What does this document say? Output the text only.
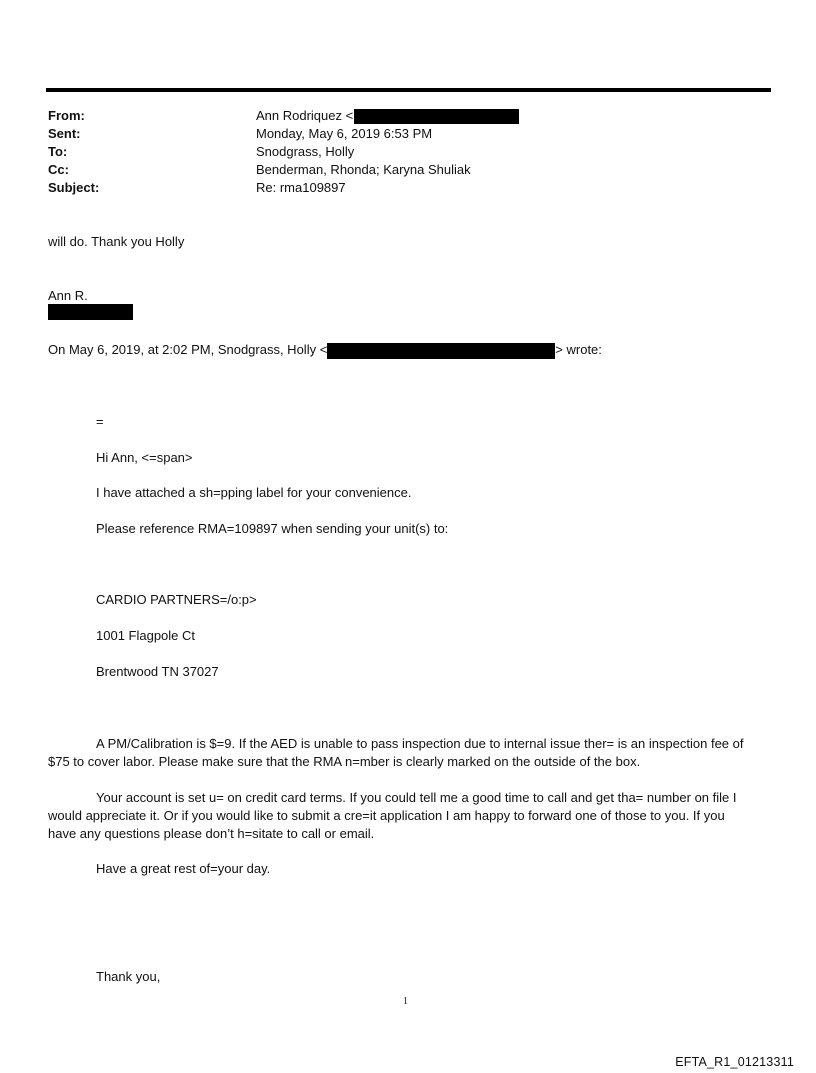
From:	Ann Rodriquez <
Sent:	Monday, May 6, 2019 6:53 PM
To:	Snodgrass, Holly
Cc:	Benderman, Rhonda; Karyna Shuliak
Subject:	Re: rma109897
will do. Thank you Holly
Ann R.
On May 6, 2019, at 2:02 PM, Snodgrass, Holly <	> wrote:
=
Hi Ann, <=span>
I have attached a sh=pping label for your convenience.
Please reference RMA=109897 when sending your unit(s) to:
CARDIO PARTNERS=/o:p>
1001 Flagpole Ct
Brentwood TN 37027
A PM/Calibration is $=9. If the AED is unable to pass inspection due to internal issue ther= is an inspection fee of
$75 to cover labor. Please make sure that the RMA n=mber is clearly marked on the outside of the box.
Your account is set u= on credit card terms. If you could tell me a good time to call and get tha= number on file I
would appreciate it. Or if you would like to submit a cre=it application I am happy to forward one of those to you. If you
have any questions please don’t h=sitate to call or email.
Have a great rest of=your day.
Thank you,
1
EFTA_R1_01213311
